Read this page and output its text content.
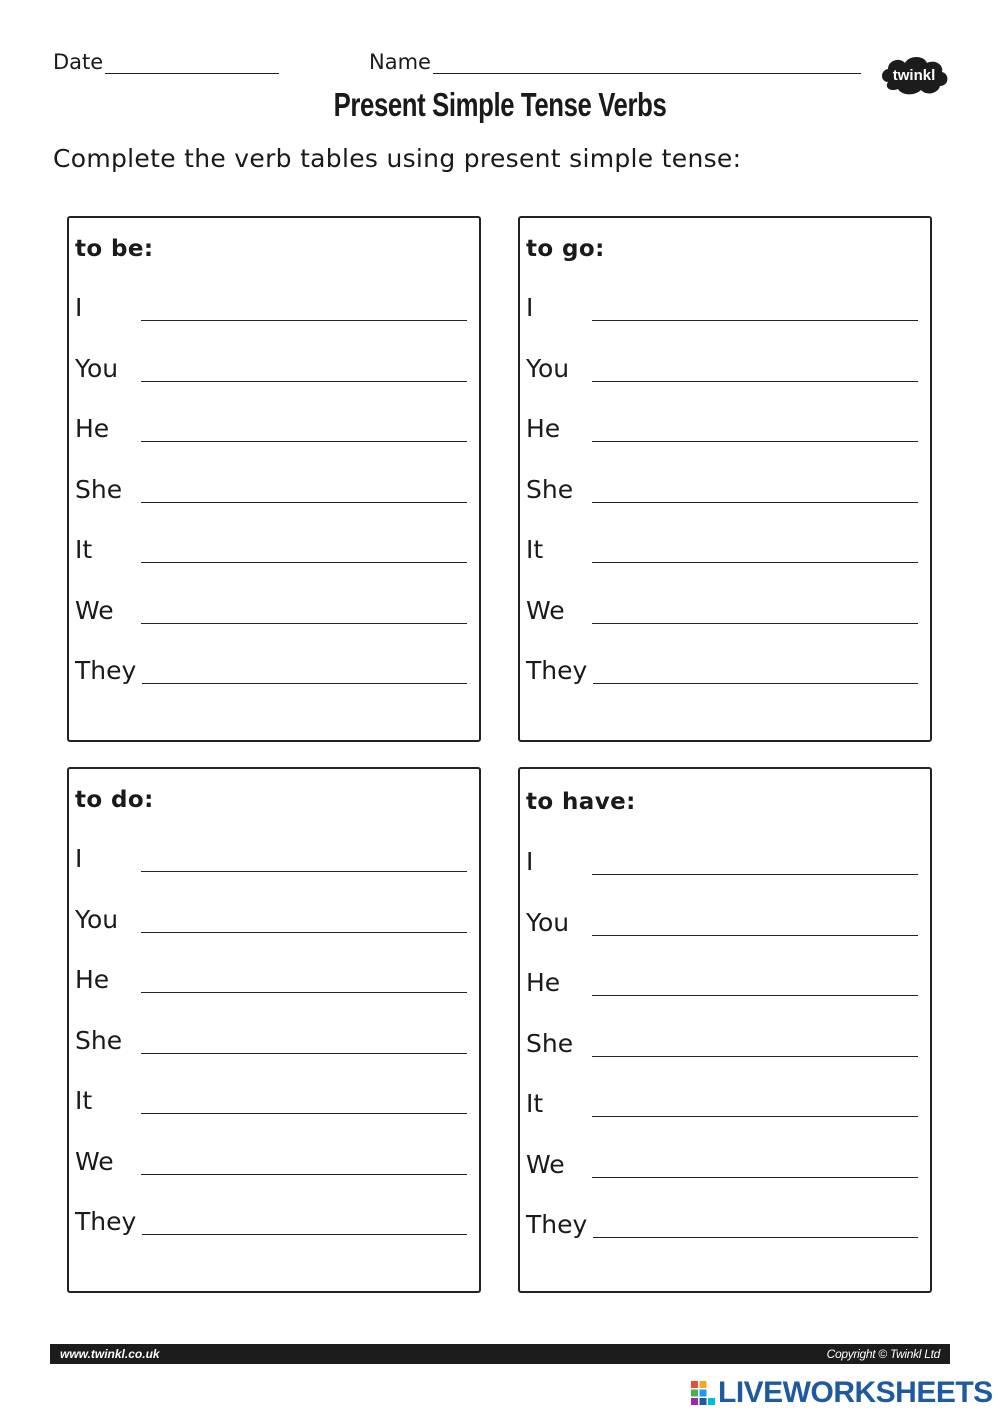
Date	Name
twinkl
Present Simple Tense Verbs
Complete the verb tables using present simple tense:
to be:
I
You
He
She
It
We
They
to go:
I
You
He
She
It
We
They
to do:
I
You
He
She
It
We
They
to have:
I
You
He
She
It
We
They
www.twinkl.co.uk	Copyright © Twinkl Ltd
LIVEWORKSHEETS
